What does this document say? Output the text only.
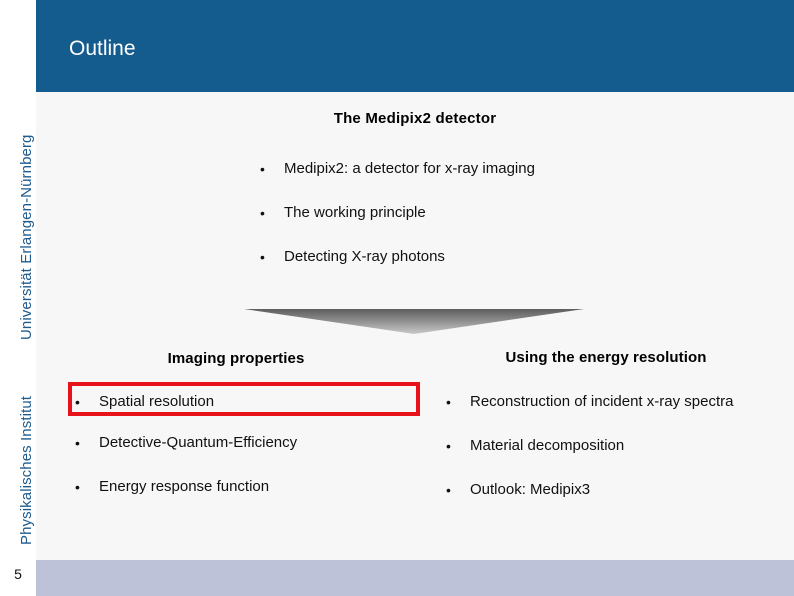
Universität Erlangen-Nürnberg
Physikalisches Institut
Outline
The Medipix2 detector
• Medipix2: a detector for x-ray imaging
• The working principle
• Detecting X-ray photons
Imaging properties	Using the energy resolution
• Spatial resolution
• Detective-Quantum-Efficiency
• Energy response function
• Reconstruction of incident x-ray spectra
• Material decomposition
• Outlook: Medipix3
5
